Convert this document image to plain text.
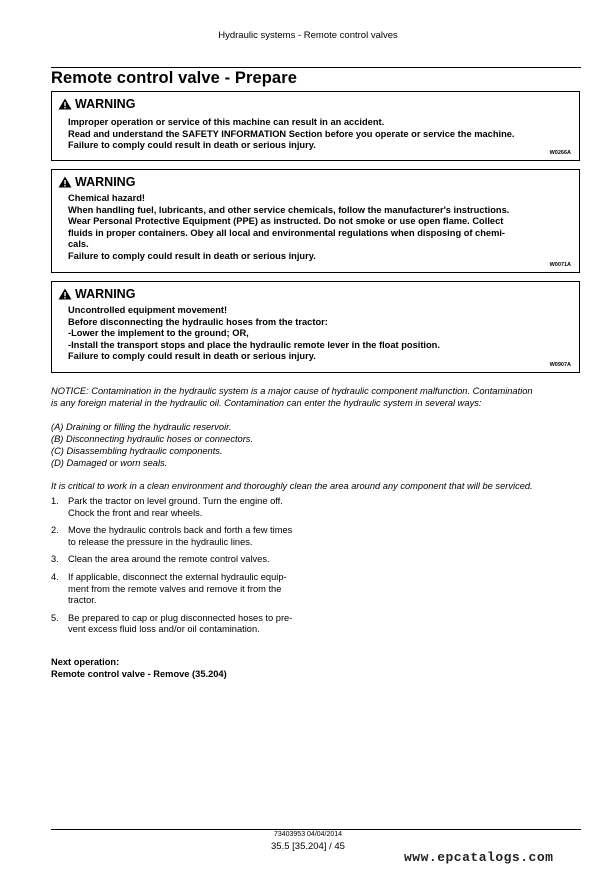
Hydraulic systems - Remote control valves
Remote control valve - Prepare
WARNING
Improper operation or service of this machine can result in an accident.
Read and understand the SAFETY INFORMATION Section before you operate or service the machine.
Failure to comply could result in death or serious injury.
W0266A
WARNING
Chemical hazard!
When handling fuel, lubricants, and other service chemicals, follow the manufacturer's instructions.
Wear Personal Protective Equipment (PPE) as instructed. Do not smoke or use open flame. Collect
fluids in proper containers. Obey all local and environmental regulations when disposing of chemi-
cals.
Failure to comply could result in death or serious injury.
W0071A
WARNING
Uncontrolled equipment movement!
Before disconnecting the hydraulic hoses from the tractor:
-Lower the implement to the ground; OR,
-Install the transport stops and place the hydraulic remote lever in the float position.
Failure to comply could result in death or serious injury.
W0907A
NOTICE: Contamination in the hydraulic system is a major cause of hydraulic component malfunction. Contamination
is any foreign material in the hydraulic oil. Contamination can enter the hydraulic system in several ways:
(A) Draining or filling the hydraulic reservoir.
(B) Disconnecting hydraulic hoses or connectors.
(C) Disassembling hydraulic components.
(D) Damaged or worn seals.
It is critical to work in a clean environment and thoroughly clean the area around any component that will be serviced.
1. Park the tractor on level ground. Turn the engine off.
Chock the front and rear wheels.
2. Move the hydraulic controls back and forth a few times
to release the pressure in the hydraulic lines.
3. Clean the area around the remote control valves.
4. If applicable, disconnect the external hydraulic equip-
ment from the remote valves and remove it from the
tractor.
5. Be prepared to cap or plug disconnected hoses to pre-
vent excess fluid loss and/or oil contamination.
Next operation:
Remote control valve - Remove (35.204)
73403953 04/04/2014
35.5 [35.204] / 45
www.epcatalogs.com
